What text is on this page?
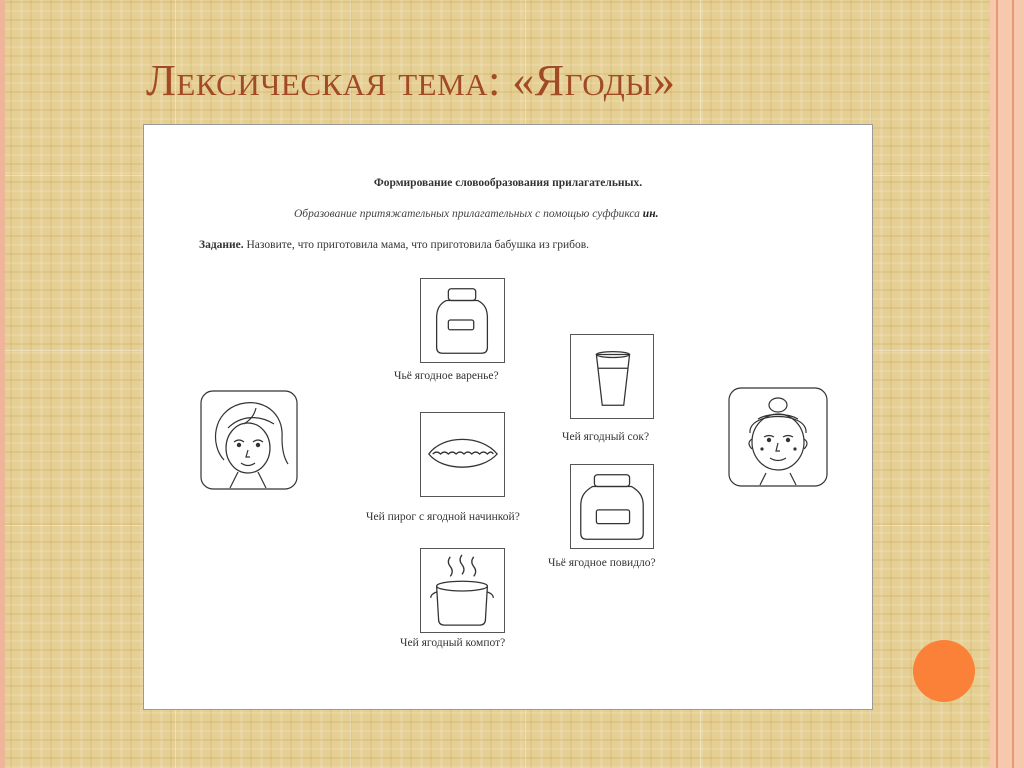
Лексическая тема: «Ягоды»
Формирование словообразования прилагательных.
Образование притяжательных прилагательных с помощью суффикса ин.
Задание. Назовите, что приготовила мама, что приготовила бабушка из грибов.
Чьё ягодное варенье?
Чей ягодный сок?
Чей пирог с ягодной начинкой?
Чьё ягодное повидло?
Чей ягодный компот?
